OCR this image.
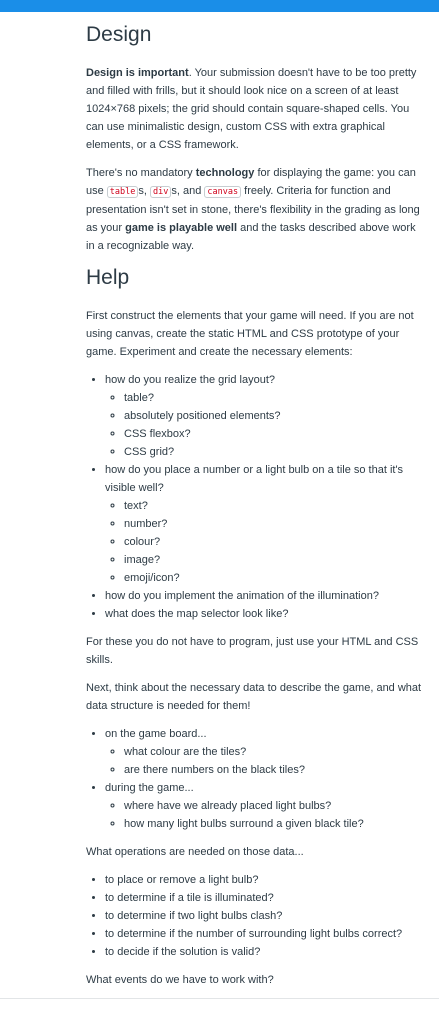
Design

Design is important. Your submission doesn't have to be too pretty and filled with frills, but it should look nice on a screen of at least 1024×768 pixels; the grid should contain square-shaped cells. You can use minimalistic design, custom CSS with extra graphical elements, or a CSS framework.

There's no mandatory technology for displaying the game: you can use table s, div s, and canvas freely. Criteria for function and presentation isn't set in stone, there's flexibility in the grading as long as your game is playable well and the tasks described above work in a recognizable way.

Help

First construct the elements that your game will need. If you are not using canvas, create the static HTML and CSS prototype of your game. Experiment and create the necessary elements:

• how do you realize the grid layout?
◦ table?
◦ absolutely positioned elements?
◦ CSS flexbox?
◦ CSS grid?
• how do you place a number or a light bulb on a tile so that it's visible well?
◦ text?
◦ number?
◦ colour?
◦ image?
◦ emoji/icon?
• how do you implement the animation of the illumination?
• what does the map selector look like?

For these you do not have to program, just use your HTML and CSS skills.

Next, think about the necessary data to describe the game, and what data structure is needed for them!

• on the game board...
◦ what colour are the tiles?
◦ are there numbers on the black tiles?
• during the game...
◦ where have we already placed light bulbs?
◦ how many light bulbs surround a given black tile?

What operations are needed on those data...

• to place or remove a light bulb?
• to determine if a tile is illuminated?
• to determine if two light bulbs clash?
• to determine if the number of surrounding light bulbs correct?
• to decide if the solution is valid?

What events do we have to work with?
